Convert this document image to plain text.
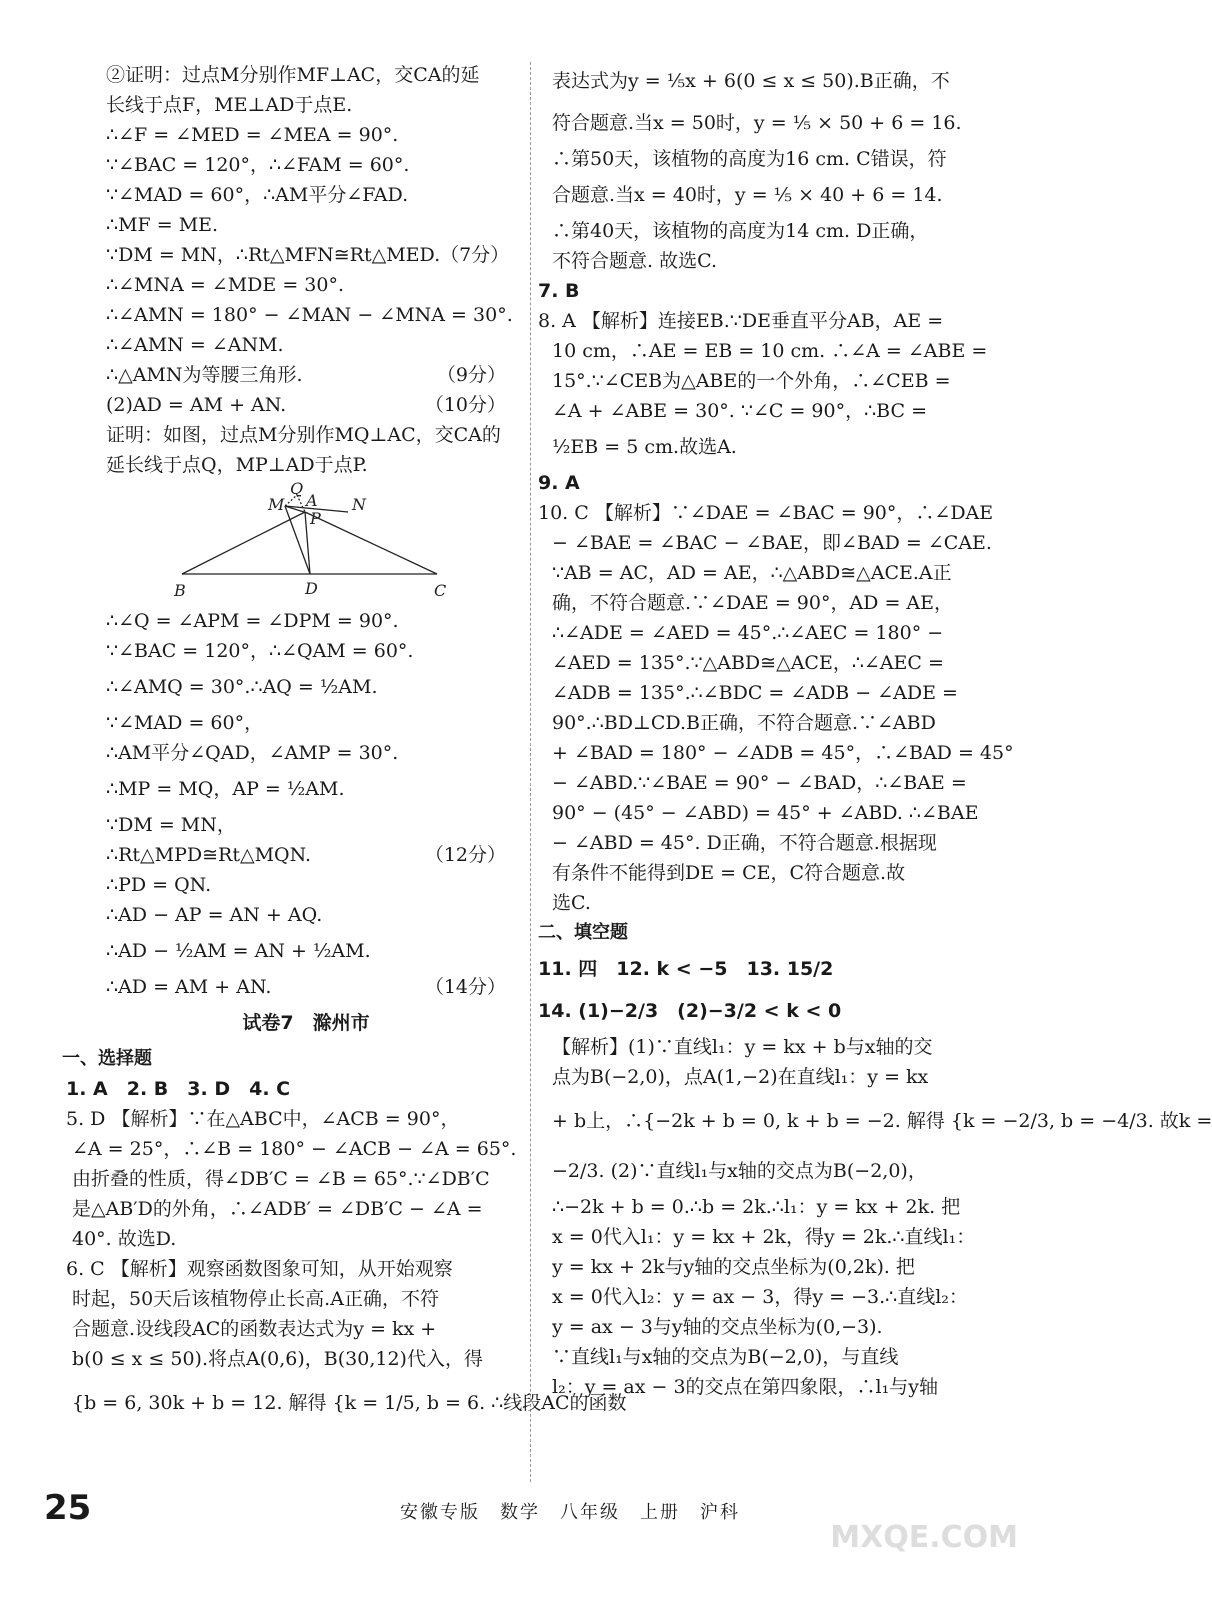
②证明：过点M分别作MF⊥AC，交CA的延
长线于点F，ME⊥AD于点E.
∴∠F = ∠MED = ∠MEA = 90°.
∵∠BAC = 120°，∴∠FAM = 60°.
∵∠MAD = 60°，∴AM平分∠FAD.
∴MF = ME.
∵DM = MN，∴Rt△MFN≅Rt△MED.（7分）
∴∠MNA = ∠MDE = 30°.
∴∠AMN = 180° − ∠MAN − ∠MNA = 30°.
∴∠AMN = ∠ANM.
∴△AMN为等腰三角形.	（9分）
(2)AD = AM + AN.	（10分）
证明：如图，过点M分别作MQ⊥AC，交CA的
延长线于点Q，MP⊥AD于点P.
Q
A
M
P
N
B	D	C
∴∠Q = ∠APM = ∠DPM = 90°.
∵∠BAC = 120°，∴∠QAM = 60°.
∴∠AMQ = 30°.∴AQ = ½AM.
∵∠MAD = 60°，
∴AM平分∠QAD，∠AMP = 30°.
∴MP = MQ，AP = ½AM.
∵DM = MN，
∴Rt△MPD≅Rt△MQN.	（12分）
∴PD = QN.
∴AD − AP = AN + AQ.
∴AD − ½AM = AN + ½AM.
∴AD = AM + AN.	（14分）
试卷7　滁州市
一、选择题
1. A　2. B　3. D　4. C
5. D 【解析】∵在△ABC中，∠ACB = 90°，
∠A = 25°，∴∠B = 180° − ∠ACB − ∠A = 65°.
由折叠的性质，得∠DB′C = ∠B = 65°.∵∠DB′C
是△AB′D的外角，∴∠ADB′ = ∠DB′C − ∠A =
40°. 故选D.
6. C 【解析】观察函数图象可知，从开始观察
时起，50天后该植物停止长高.A正确，不符
合题意.设线段AC的函数表达式为y = kx +
b(0 ≤ x ≤ 50).将点A(0,6)，B(30,12)代入，得
{b = 6, 30k + b = 12. 解得 {k = 1/5, b = 6. ∴线段AC的函数
表达式为y = ⅕x + 6(0 ≤ x ≤ 50).B正确，不
符合题意.当x = 50时，y = ⅕ × 50 + 6 = 16.
∴第50天，该植物的高度为16 cm. C错误，符
合题意.当x = 40时，y = ⅕ × 40 + 6 = 14.
∴第40天，该植物的高度为14 cm. D正确，
不符合题意. 故选C.
7. B
8. A 【解析】连接EB.∵DE垂直平分AB，AE =
10 cm，∴AE = EB = 10 cm. ∴∠A = ∠ABE =
15°.∵∠CEB为△ABE的一个外角，∴∠CEB =
∠A + ∠ABE = 30°. ∵∠C = 90°，∴BC =
½EB = 5 cm.故选A.
9. A
10. C 【解析】∵∠DAE = ∠BAC = 90°，∴∠DAE
− ∠BAE = ∠BAC − ∠BAE，即∠BAD = ∠CAE.
∵AB = AC，AD = AE，∴△ABD≅△ACE.A正
确，不符合题意.∵∠DAE = 90°，AD = AE，
∴∠ADE = ∠AED = 45°.∴∠AEC = 180° −
∠AED = 135°.∵△ABD≅△ACE，∴∠AEC =
∠ADB = 135°.∴∠BDC = ∠ADB − ∠ADE =
90°.∴BD⊥CD.B正确，不符合题意.∵∠ABD
+ ∠BAD = 180° − ∠ADB = 45°，∴∠BAD = 45°
− ∠ABD.∵∠BAE = 90° − ∠BAD，∴∠BAE =
90° − (45° − ∠ABD) = 45° + ∠ABD. ∴∠BAE
− ∠ABD = 45°. D正确，不符合题意.根据现
有条件不能得到DE = CE，C符合题意.故
选C.
二、填空题
11. 四　12. k < −5　13. 15/2
14. (1)−2/3　(2)−3/2 < k < 0
【解析】(1)∵直线l₁：y = kx + b与x轴的交
点为B(−2,0)，点A(1,−2)在直线l₁：y = kx
+ b上，∴{−2k + b = 0, k + b = −2. 解得 {k = −2/3, b = −4/3. 故k =
−2/3. (2)∵直线l₁与x轴的交点为B(−2,0)，
∴−2k + b = 0.∴b = 2k.∴l₁：y = kx + 2k. 把
x = 0代入l₁：y = kx + 2k，得y = 2k.∴直线l₁：
y = kx + 2k与y轴的交点坐标为(0,2k). 把
x = 0代入l₂：y = ax − 3，得y = −3.∴直线l₂：
y = ax − 3与y轴的交点坐标为(0,−3).
∵直线l₁与x轴的交点为B(−2,0)，与直线
l₂：y = ax − 3的交点在第四象限，∴l₁与y轴
25	安徽专版　数学　八年级　上册　沪科
MXQE.COM
